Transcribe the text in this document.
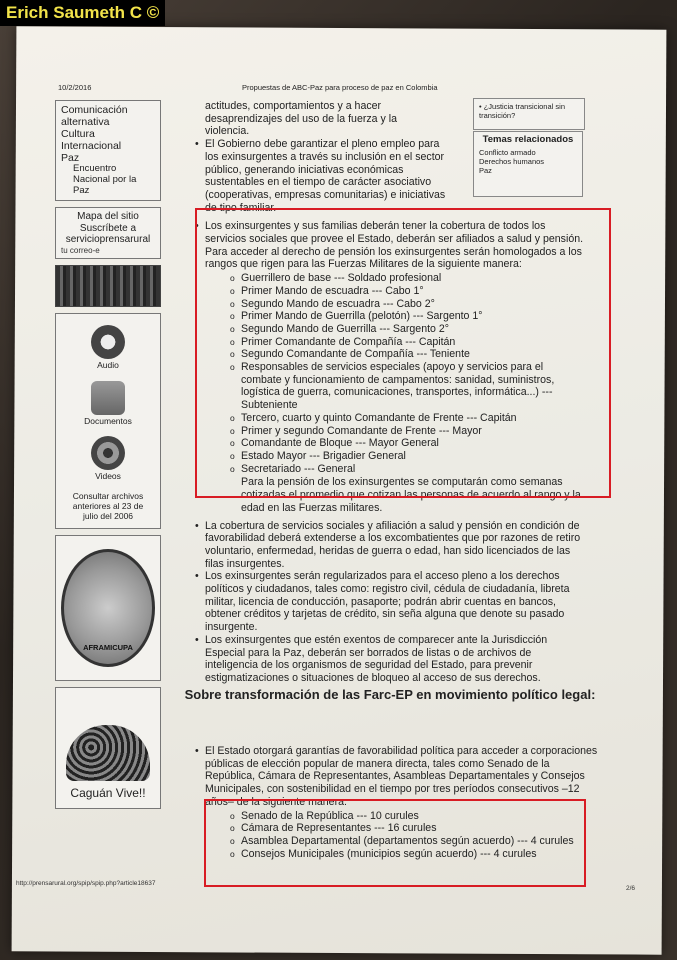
Erich Saumeth C ©
10/2/2016	Propuestas de ABC-Paz para proceso de paz en Colombia
Comunicación alternativa
Cultura
Internacional
Paz
Encuentro
Nacional por la
Paz
Mapa del sitio
Suscríbete a
servicioprensarural
tu correo-e
Audio
Documentos
Videos
Consultar archivos
anteriores al 23 de
julio del 2006
AFRAMICUPA
Caguán Vive!!
• ¿Justicia transicional sin transición?
Temas relacionados
Conflicto armado
Derechos humanos
Paz
actitudes, comportamientos y a hacer
desaprendizajes del uso de la fuerza y la
violencia.
• El Gobierno debe garantizar el pleno empleo para los exinsurgentes a través su inclusión en el sector público, generando iniciativas económicas sustentables en el tiempo de carácter asociativo (cooperativas, empresas comunitarias) e iniciativas de tipo familiar.
• Los exinsurgentes y sus familias deberán tener la cobertura de todos los servicios sociales que provee el Estado, deberán ser afiliados a salud y pensión. Para acceder al derecho de pensión los exinsurgentes serán homologados a los rangos que rigen para las Fuerzas Militares de la siguiente manera:
o Guerrillero de base --- Soldado profesional
o Primer Mando de escuadra --- Cabo 1°
o Segundo Mando de escuadra --- Cabo 2°
o Primer Mando de Guerrilla (pelotón) --- Sargento 1°
o Segundo Mando de Guerrilla --- Sargento 2°
o Primer Comandante de Compañía --- Capitán
o Segundo Comandante de Compañía --- Teniente
o Responsables de servicios especiales (apoyo y servicios para el combate y funcionamiento de campamentos: sanidad, suministros, logística de guerra, comunicaciones, transportes, informática...) --- Subteniente
o Tercero, cuarto y quinto Comandante de Frente --- Capitán
o Primer y segundo Comandante de Frente --- Mayor
o Comandante de Bloque --- Mayor General
o Estado Mayor --- Brigadier General
o Secretariado --- General
Para la pensión de los exinsurgentes se computarán como semanas cotizadas el promedio que cotizan las personas de acuerdo al rango y la edad en las Fuerzas militares.
• La cobertura de servicios sociales y afiliación a salud y pensión en condición de favorabilidad deberá extenderse a los excombatientes que por razones de retiro voluntario, enfermedad, heridas de guerra o edad, han sido licenciados de las filas insurgentes.
• Los exinsurgentes serán regularizados para el acceso pleno a los derechos políticos y ciudadanos, tales como: registro civil, cédula de ciudadanía, libreta militar, licencia de conducción, pasaporte; podrán abrir cuentas en bancos, obtener créditos y tarjetas de crédito, sin seña alguna que denote su pasado insurgente.
• Los exinsurgentes que estén exentos de comparecer ante la Jurisdicción Especial para la Paz, deberán ser borrados de listas o de archivos de inteligencia de los organismos de seguridad del Estado, para prevenir estigmatizaciones o situaciones de bloqueo al acceso de sus derechos.
Sobre transformación de las Farc-EP en movimiento político legal:
• El Estado otorgará garantías de favorabilidad política para acceder a corporaciones públicas de elección popular de manera directa, tales como Senado de la República, Cámara de Representantes, Asambleas Departamentales y Consejos Municipales, con sostenibilidad en el tiempo por tres períodos consecutivos –12 años– de la siguiente manera:
o Senado de la República --- 10 curules
o Cámara de Representantes --- 16 curules
o Asamblea Departamental (departamentos según acuerdo) --- 4 curules
o Consejos Municipales (municipios según acuerdo) --- 4 curules
http://prensarural.org/spip/spip.php?article18637
2/6
